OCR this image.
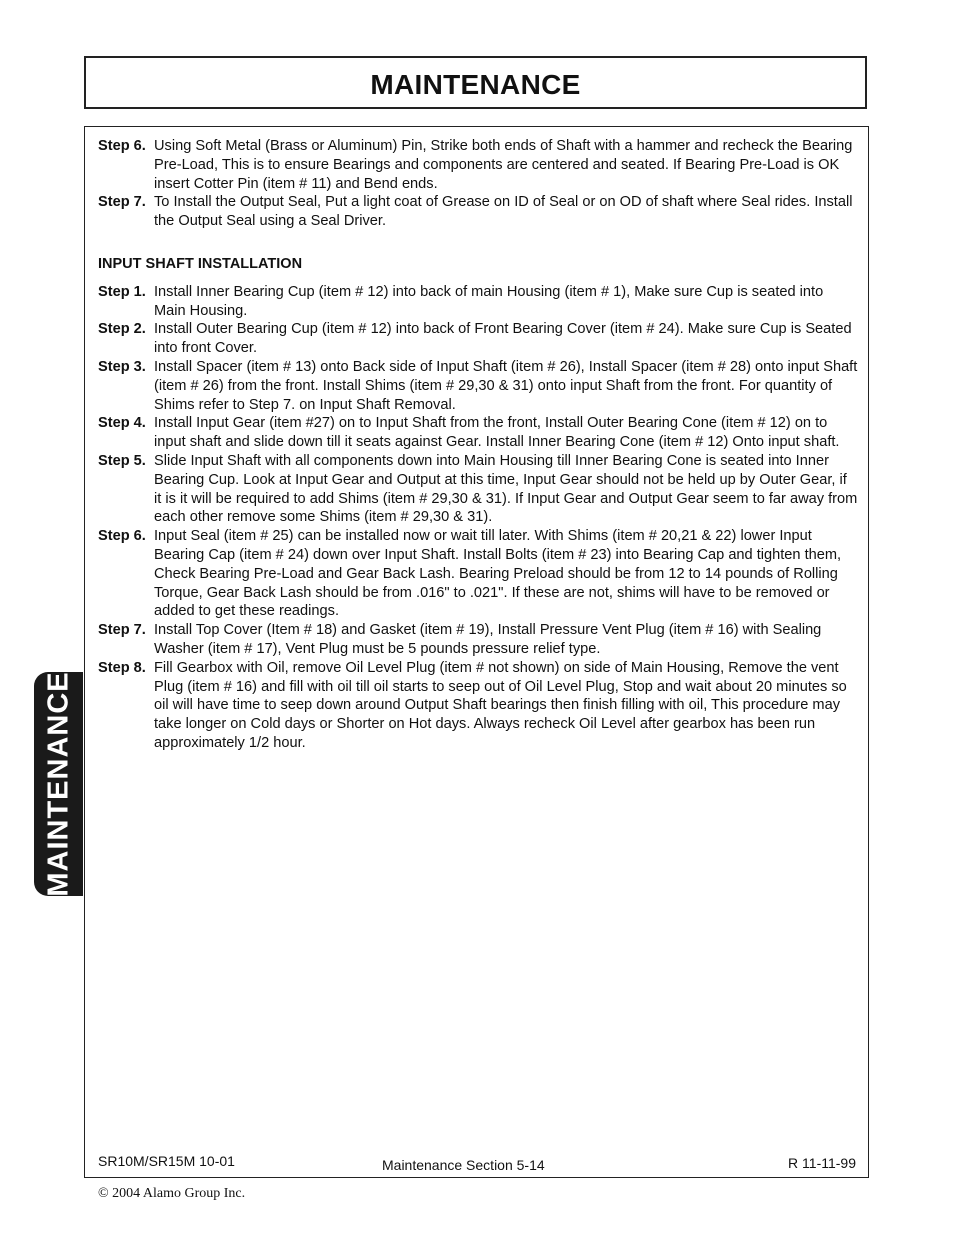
MAINTENANCE
MAINTENANCE
Step 6. Using Soft Metal (Brass or Aluminum) Pin, Strike both ends of Shaft with a hammer and recheck the Bearing Pre-Load, This is to ensure Bearings and components are centered and seated. If Bearing Pre-Load is OK insert Cotter Pin (item # 11) and Bend ends.
Step 7. To Install the Output Seal, Put a light coat of Grease on ID of Seal or on OD of shaft where Seal rides. Install the Output Seal using a Seal Driver.
INPUT SHAFT INSTALLATION
Step 1. Install Inner Bearing Cup (item # 12) into back of main Housing (item # 1), Make sure Cup is seated into Main Housing.
Step 2. Install Outer Bearing Cup (item # 12) into back of Front Bearing Cover (item # 24). Make sure Cup is Seated into front Cover.
Step 3. Install Spacer (item # 13) onto Back side of Input Shaft (item # 26), Install Spacer (item # 28) onto input Shaft (item # 26) from the front. Install Shims (item # 29,30 & 31) onto input Shaft from the front. For quantity of Shims refer to Step 7. on Input Shaft Removal.
Step 4. Install Input Gear (item #27) on to Input Shaft from the front, Install Outer Bearing Cone (item # 12) on to input shaft and slide down till it seats against Gear. Install Inner Bearing Cone (item # 12) Onto input shaft.
Step 5. Slide Input Shaft with all components down into Main Housing till Inner Bearing Cone is seated into Inner Bearing Cup. Look at Input Gear and Output at this time, Input Gear should not be held up by Outer Gear, if it is it will be required to add Shims (item # 29,30 & 31). If Input Gear and Output Gear seem to far away from each other remove some Shims (item # 29,30 & 31).
Step 6. Input Seal (item # 25) can be installed now or wait till later. With Shims (item # 20,21 & 22) lower Input Bearing Cap (item # 24) down over Input Shaft. Install Bolts (item # 23) into Bearing Cap and tighten them, Check Bearing Pre-Load and Gear Back Lash. Bearing Preload should be from 12 to 14 pounds of Rolling Torque, Gear Back Lash should be from .016" to .021". If these are not, shims will have to be removed or added to get these readings.
Step 7. Install Top Cover (Item # 18) and Gasket (item # 19), Install Pressure Vent Plug (item # 16) with Sealing Washer (item # 17), Vent Plug must be 5 pounds pressure relief type.
Step 8. Fill Gearbox with Oil, remove Oil Level Plug (item # not shown) on side of Main Housing, Remove the vent Plug (item # 16) and fill with oil till oil starts to seep out of Oil Level Plug, Stop and wait about 20 minutes so oil will have time to seep down around Output Shaft bearings then finish filling with oil, This procedure may take longer on Cold days or Shorter on Hot days. Always recheck Oil Level after gearbox has been run approximately 1/2 hour.
SR10M/SR15M 10-01	Maintenance Section 5-14	R 11-11-99
© 2004 Alamo Group Inc.
